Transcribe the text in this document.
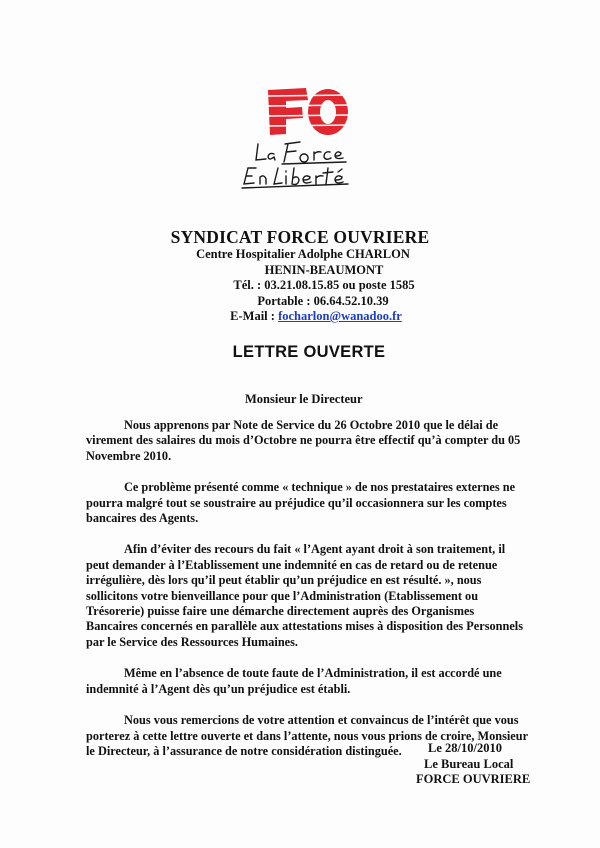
SYNDICAT FORCE OUVRIERE
Centre Hospitalier Adolphe CHARLON
HENIN-BEAUMONT
Tél. : 03.21.08.15.85 ou poste 1585
Portable : 06.64.52.10.39
E-Mail : focharlon@wanadoo.fr
LETTRE OUVERTE
Monsieur le Directeur

Nous apprenons par Note de Service du 26 Octobre 2010 que le délai de virement des salaires du mois d’Octobre ne pourra être effectif qu’à compter du 05 Novembre 2010.

Ce problème présenté comme « technique » de nos prestataires externes ne pourra malgré tout se soustraire au préjudice qu’il occasionnera sur les comptes bancaires des Agents.

Afin d’éviter des recours du fait « l’Agent ayant droit à son traitement, il peut demander à l’Etablissement une indemnité en cas de retard ou de retenue irrégulière, dès lors qu’il peut établir qu’un préjudice en est résulté. », nous sollicitons votre bienveillance pour que l’Administration (Etablissement ou Trésorerie) puisse faire une démarche directement auprès des Organismes Bancaires concernés en parallèle aux attestations mises à disposition des Personnels par le Service des Ressources Humaines.

Même en l’absence de toute faute de l’Administration, il est accordé une indemnité à l’Agent dès qu’un préjudice est établi.

Nous vous remercions de votre attention et convaincus de l’intérêt que vous porterez à cette lettre ouverte et dans l’attente, nous vous prions de croire, Monsieur le Directeur, à l’assurance de notre considération distinguée.	Le 28/10/2010
Le Bureau Local
FORCE OUVRIERE
